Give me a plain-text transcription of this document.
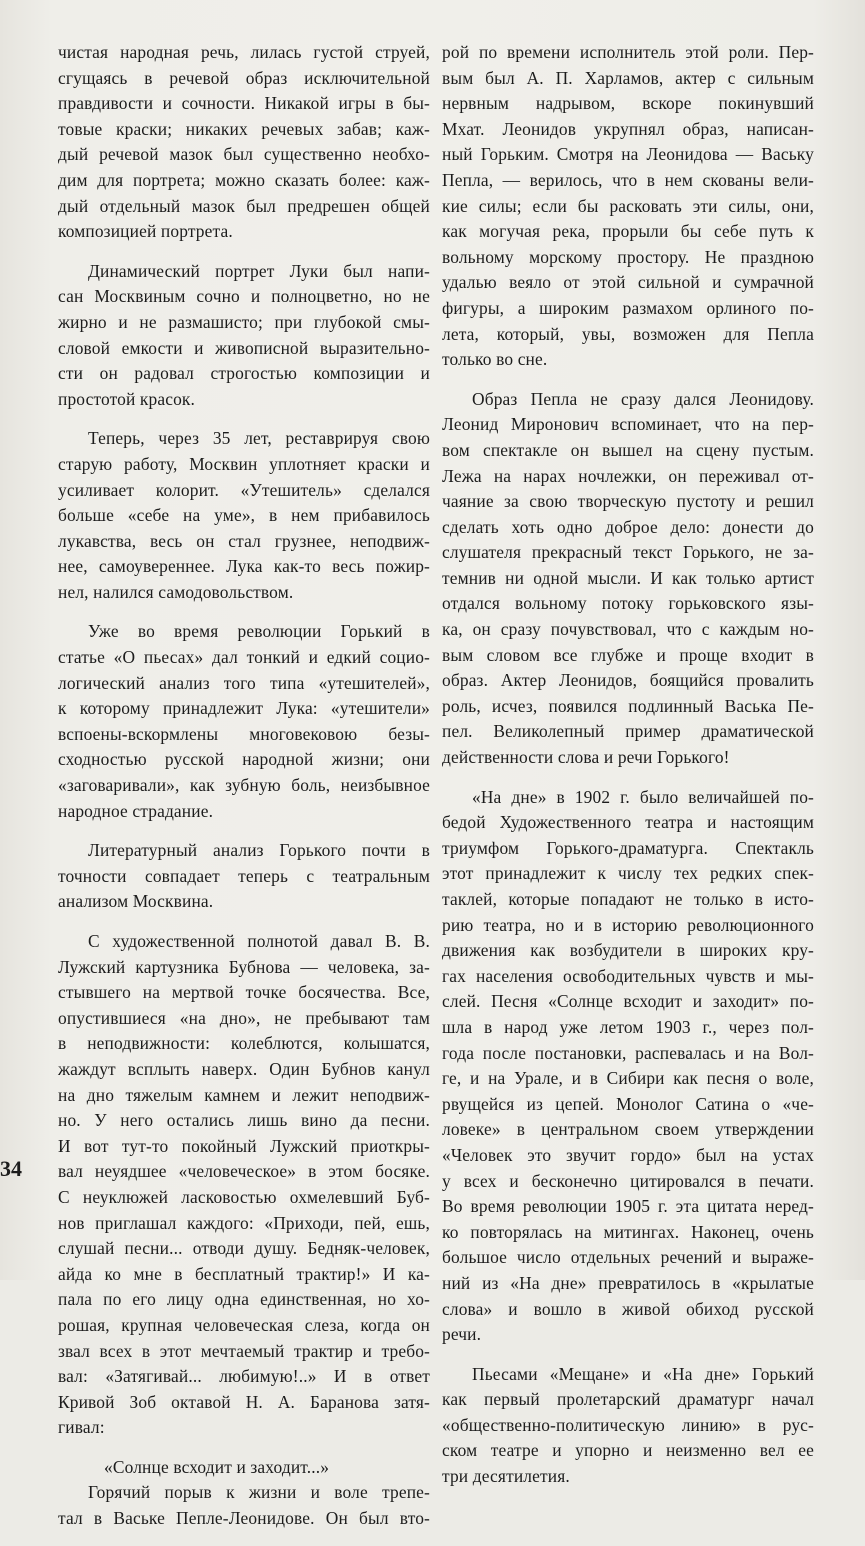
чистая народная речь, лилась густой струей,
сгущаясь в речевой образ исключительной
правдивости и сочности. Никакой игры в бы-
товые краски; никаких речевых забав; каж-
дый речевой мазок был существенно необхо-
дим для портрета; можно сказать более: каж-
дый отдельный мазок был предрешен общей
композицией портрета.
Динамический портрет Луки был напи-
сан Москвиным сочно и полноцветно, но не
жирно и не размашисто; при глубокой смы-
словой емкости и живописной выразительно-
сти он радовал строгостью композиции и
простотой красок.
Теперь, через 35 лет, реставрируя свою
старую работу, Москвин уплотняет краски и
усиливает колорит. «Утешитель» сделался
больше «себе на уме», в нем прибавилось
лукавства, весь он стал грузнее, неподвиж-
нее, самоувереннее. Лука как-то весь пожир-
нел, налился самодовольством.
Уже во время революции Горький в
статье «О пьесах» дал тонкий и едкий социо-
логический анализ того типа «утешителей»,
к которому принадлежит Лука: «утешители»
вспоены-вскормлены многовековою безы-
сходностью русской народной жизни; они
«заговаривали», как зубную боль, неизбывное
народное страдание.
Литературный анализ Горького почти в
точности совпадает теперь с театральным
анализом Москвина.
С художественной полнотой давал В. В.
Лужский картузника Бубнова — человека, за-
стывшего на мертвой точке босячества. Все,
опустившиеся «на дно», не пребывают там
в неподвижности: колеблются, колышатся,
жаждут всплыть наверх. Один Бубнов канул
на дно тяжелым камнем и лежит неподвиж-
но. У него остались лишь вино да песни.
И вот тут-то покойный Лужский приоткры-
вал неуядшее «человеческое» в этом босяке.
С неуклюжей ласковостью охмелевший Буб-
нов приглашал каждого: «Приходи, пей, ешь,
слушай песни... отводи душу. Бедняк-человек,
айда ко мне в бесплатный трактир!» И ка-
пала по его лицу одна единственная, но хо-
рошая, крупная человеческая слеза, когда он
звал всех в этот мечтаемый трактир и требо-
вал: «Затягивай... любимую!..» И в ответ
Кривой Зоб октавой Н. А. Баранова затя-
гивал:
«Солнце всходит и заходит...»
Горячий порыв к жизни и воле трепе-
тал в Ваське Пепле-Леонидове. Он был вто-
рой по времени исполнитель этой роли. Пер-
вым был А. П. Харламов, актер с сильным
нервным надрывом, вскоре покинувший
Мхат. Леонидов укрупнял образ, написан-
ный Горьким. Смотря на Леонидова — Ваську
Пепла, — верилось, что в нем скованы вели-
кие силы; если бы расковать эти силы, они,
как могучая река, прорыли бы себе путь к
вольному морскому простору. Не праздною
удалью веяло от этой сильной и сумрачной
фигуры, а широким размахом орлиного по-
лета, который, увы, возможен для Пепла
только во сне.
Образ Пепла не сразу дался Леонидову.
Леонид Миронович вспоминает, что на пер-
вом спектакле он вышел на сцену пустым.
Лежа на нарах ночлежки, он переживал от-
чаяние за свою творческую пустоту и решил
сделать хоть одно доброе дело: донести до
слушателя прекрасный текст Горького, не за-
темнив ни одной мысли. И как только артист
отдался вольному потоку горьковского язы-
ка, он сразу почувствовал, что с каждым но-
вым словом все глубже и проще входит в
образ. Актер Леонидов, боящийся провалить
роль, исчез, появился подлинный Васька Пе-
пел. Великолепный пример драматической
действенности слова и речи Горького!
«На дне» в 1902 г. было величайшей по-
бедой Художественного театра и настоящим
триумфом Горького-драматурга. Спектакль
этот принадлежит к числу тех редких спек-
таклей, которые попадают не только в исто-
рию театра, но и в историю революционного
движения как возбудители в широких кру-
гах населения освободительных чувств и мы-
слей. Песня «Солнце всходит и заходит» по-
шла в народ уже летом 1903 г., через пол-
года после постановки, распевалась и на Вол-
ге, и на Урале, и в Сибири как песня о воле,
рвущейся из цепей. Монолог Сатина о «че-
ловеке» в центральном своем утверждении
«Человек это звучит гордо» был на устах
у всех и бесконечно цитировался в печати.
Во время революции 1905 г. эта цитата неред-
ко повторялась на митингах. Наконец, очень
большое число отдельных речений и выраже-
ний из «На дне» превратилось в «крылатые
слова» и вошло в живой обиход русской
речи.
Пьесами «Мещане» и «На дне» Горький
как первый пролетарский драматург начал
«общественно-политическую линию» в рус-
ском театре и упорно и неизменно вел ее
три десятилетия.
34
